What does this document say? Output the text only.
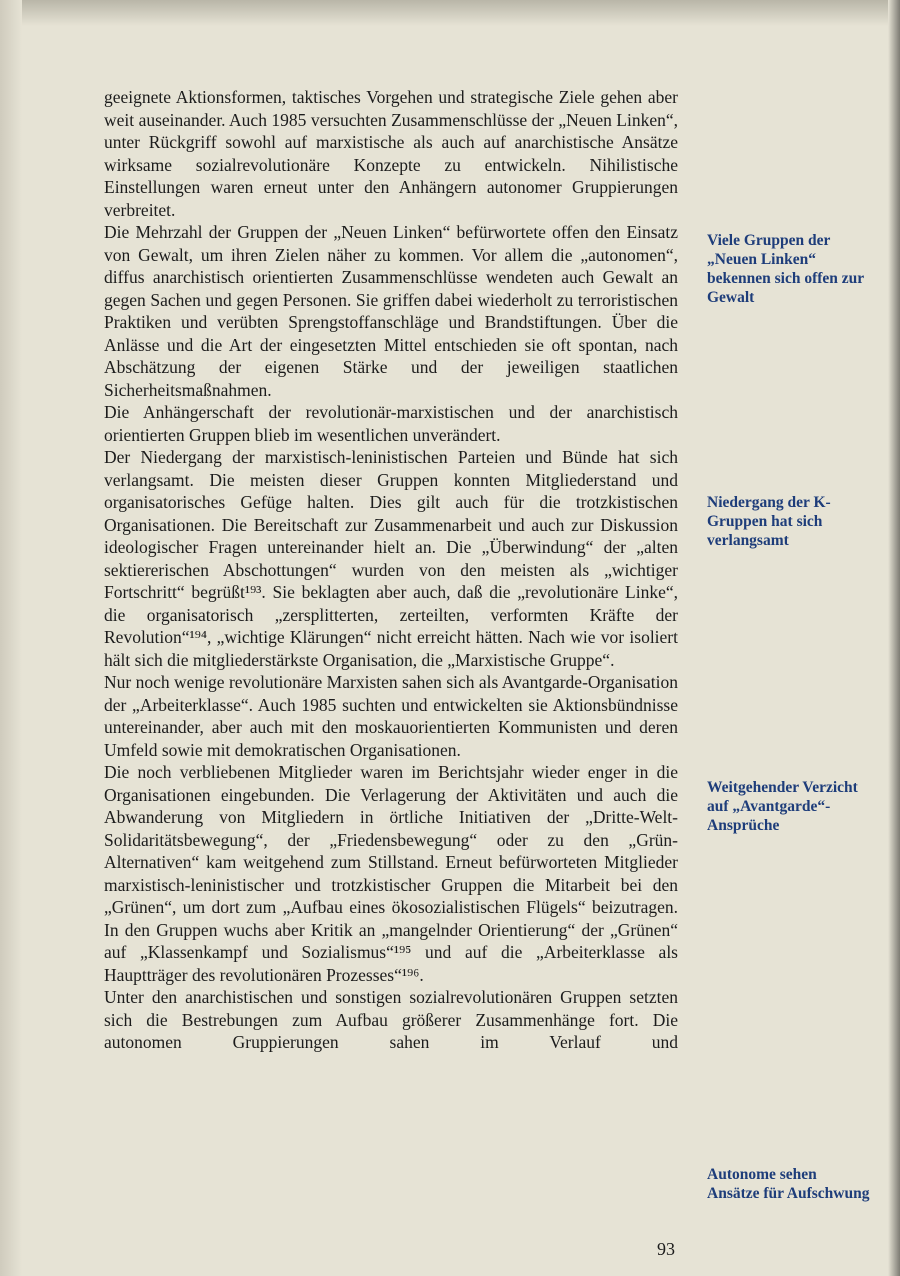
geeignete Aktionsformen, taktisches Vorgehen und strategische Ziele gehen aber weit auseinander. Auch 1985 versuchten Zusammenschlüsse der „Neuen Linken“, unter Rückgriff sowohl auf marxistische als auch auf anarchistische Ansätze wirksame sozialrevolutionäre Konzepte zu entwickeln. Nihilistische Einstellungen waren erneut unter den Anhängern autonomer Gruppierungen verbreitet.

Die Mehrzahl der Gruppen der „Neuen Linken“ befürwortete offen den Einsatz von Gewalt, um ihren Zielen näher zu kommen. Vor allem die „autonomen“, diffus anarchistisch orientierten Zusammenschlüsse wendeten auch Gewalt an gegen Sachen und gegen Personen. Sie griffen dabei wiederholt zu terroristischen Praktiken und verübten Sprengstoffanschläge und Brandstiftungen. Über die Anlässe und die Art der eingesetzten Mittel entschieden sie oft spontan, nach Abschätzung der eigenen Stärke und der jeweiligen staatlichen Sicherheitsmaßnahmen.

Die Anhängerschaft der revolutionär-marxistischen und der anarchistisch orientierten Gruppen blieb im wesentlichen unverändert.

Der Niedergang der marxistisch-leninistischen Parteien und Bünde hat sich verlangsamt. Die meisten dieser Gruppen konnten Mitgliederstand und organisatorisches Gefüge halten. Dies gilt auch für die trotzkistischen Organisationen. Die Bereitschaft zur Zusammenarbeit und auch zur Diskussion ideologischer Fragen untereinander hielt an. Die „Überwindung“ der „alten sektiererischen Abschottungen“ wurden von den meisten als „wichtiger Fortschritt“ begrüßt¹⁹³. Sie beklagten aber auch, daß die „revolutionäre Linke“, die organisatorisch „zersplitterten, zerteilten, verformten Kräfte der Revolution“¹⁹⁴, „wichtige Klärungen“ nicht erreicht hätten. Nach wie vor isoliert hält sich die mitgliederstärkste Organisation, die „Marxistische Gruppe“.

Nur noch wenige revolutionäre Marxisten sahen sich als Avantgarde-Organisation der „Arbeiterklasse“. Auch 1985 suchten und entwickelten sie Aktionsbündnisse untereinander, aber auch mit den moskauorientierten Kommunisten und deren Umfeld sowie mit demokratischen Organisationen.

Die noch verbliebenen Mitglieder waren im Berichtsjahr wieder enger in die Organisationen eingebunden. Die Verlagerung der Aktivitäten und auch die Abwanderung von Mitgliedern in örtliche Initiativen der „Dritte-Welt-Solidaritätsbewegung“, der „Friedensbewegung“ oder zu den „Grün-Alternativen“ kam weitgehend zum Stillstand. Erneut befürworteten Mitglieder marxistisch-leninistischer und trotzkistischer Gruppen die Mitarbeit bei den „Grünen“, um dort zum „Aufbau eines ökosozialistischen Flügels“ beizutragen. In den Gruppen wuchs aber Kritik an „mangelnder Orientierung“ der „Grünen“ auf „Klassenkampf und Sozialismus“¹⁹⁵ und auf die „Arbeiterklasse als Hauptträger des revolutionären Prozesses“¹⁹⁶.

Unter den anarchistischen und sonstigen sozialrevolutionären Gruppen setzten sich die Bestrebungen zum Aufbau größerer Zusammenhänge fort. Die autonomen Gruppierungen sahen im Verlauf und

Viele Gruppen der „Neuen Linken“ bekennen sich offen zur Gewalt
Niedergang der K-Gruppen hat sich verlangsamt
Weitgehender Verzicht auf „Avantgarde“-Ansprüche
Autonome sehen Ansätze für Aufschwung
93
